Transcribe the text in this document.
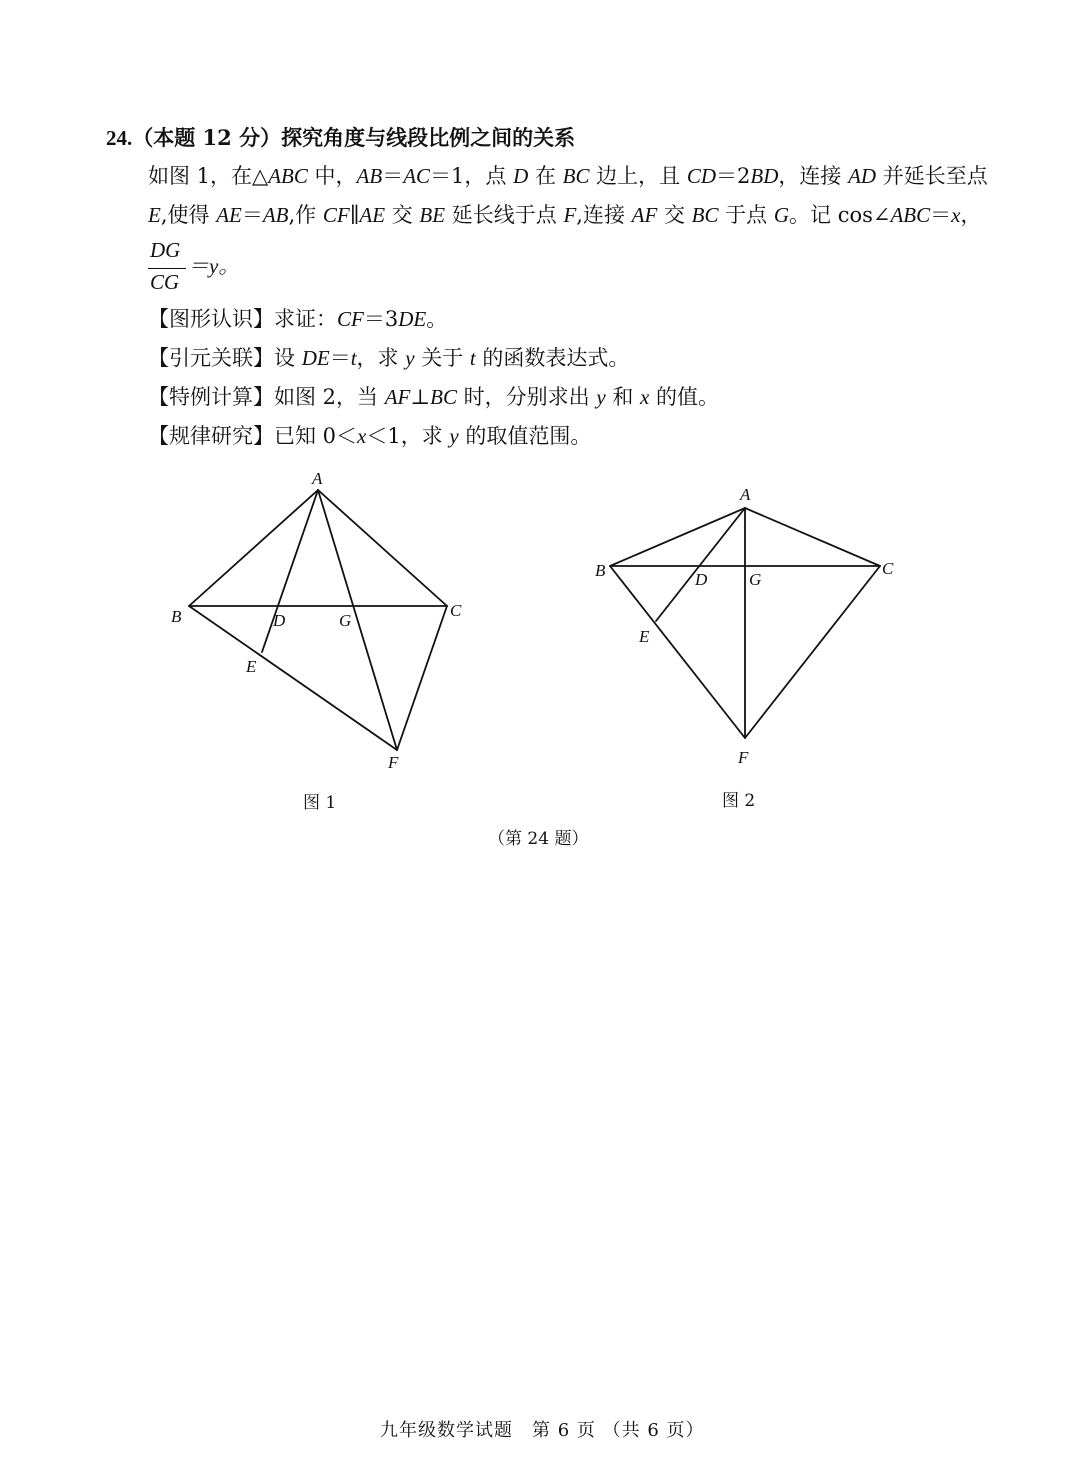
24.（本题 12 分）探究角度与线段比例之间的关系
如图 1，在△ABC 中，AB＝AC＝1，点 D 在 BC 边上，且 CD＝2BD，连接 AD 并延长至点
E,使得 AE＝AB,作 CF∥AE 交 BE 延长线于点 F,连接 AF 交 BC 于点 G。记 cos∠ABC＝x，
DG
CG
＝y。
【图形认识】求证：CF＝3DE。
【引元关联】设 DE＝t，求 y 关于 t 的函数表达式。
【特例计算】如图 2，当 AF⊥BC 时，分别求出 y 和 x 的值。
【规律研究】已知 0＜x＜1，求 y 的取值范围。
A
B	C
D	G
E
F
A
B	C
D G
E
F
图 1	图 2
（第 24 题）
九年级数学试题　第 6 页 （共 6 页）
